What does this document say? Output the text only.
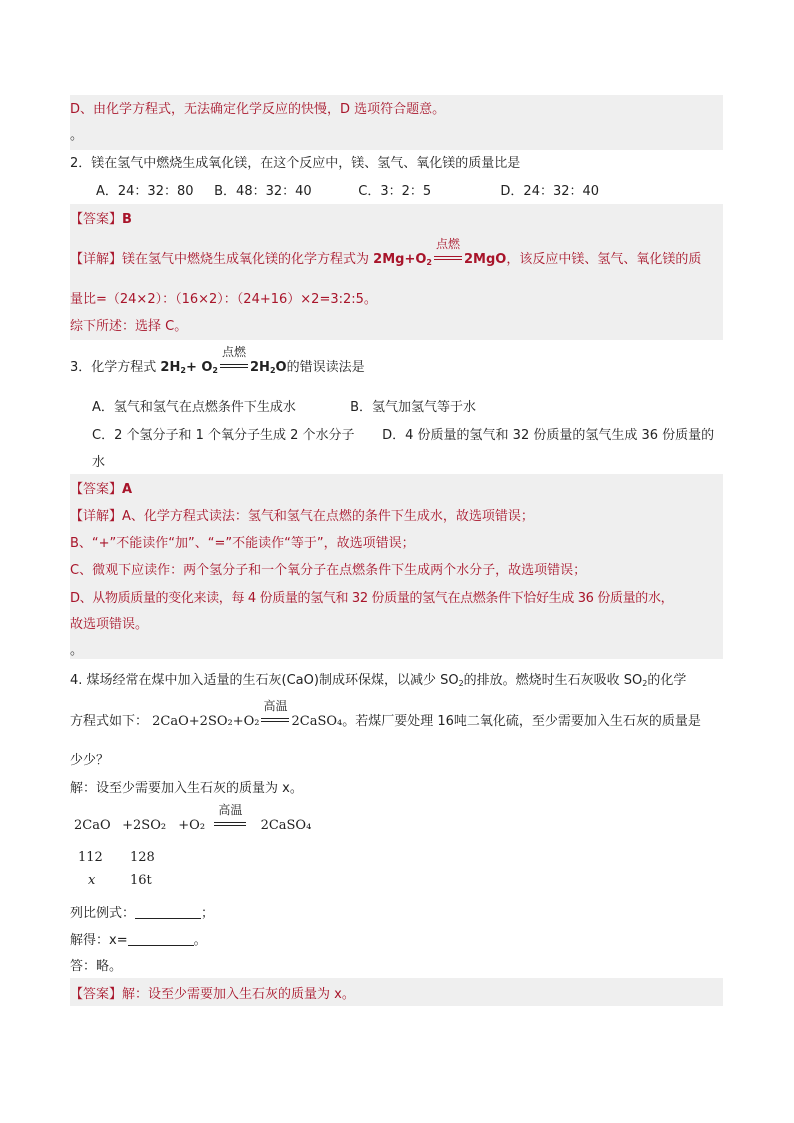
D、由化学方程式，无法确定化学反应的快慢，D 选项符合题意。
。
2．镁在氢气中燃烧生成氧化镁，在这个反应中，镁、氢气、氧化镁的质量比是
A．24：32：80 B．48：32：40	C．3：2：5	D．24：32：40
【答案】B
【详解】镁在氢气中燃烧生成氧化镁的化学方程式为 $2Mg+O_2$
点燃
2MgO，该反应中镁、氢气、氧化镁的质
量比=（24×2）：（16×2）：（24+16）×2=3:2:5。
综下所述：选择 C。
3．化学方程式 $2H_2+ O_2$
点燃
$2H_2O$的错误读法是
A．氢气和氢气在点燃条件下生成水	B．氢气加氢气等于水
C．2 个氢分子和 1 个氧分子生成 2 个水分子 D．4 份质量的氢气和 32 份质量的氢气生成 36 份质量的
水
【答案】A
【详解】A、化学方程式读法：氢气和氢气在点燃的条件下生成水，故选项错误；
B、“+”不能读作“加”、“=”不能读作“等于”，故选项错误；
C、微观下应读作：两个氢分子和一个氧分子在点燃条件下生成两个水分子，故选项错误；
D、从物质质量的变化来读，每 4 份质量的氢气和 32 份质量的氢气在点燃条件下恰好生成 36 份质量的水，
故选项错误。
。
4. 煤场经常在煤中加入适量的生石灰(CaO)制成环保煤，以减少 $SO_2$的排放。燃烧时生石灰吸收 $SO_2$的化学
方程式如下： 2CaO+2SO₂+O₂
高温
2CaSO₄。若煤厂要处理 16吨二氧化硫，至少需要加入生石灰的质量是
少少？
解：设至少需要加入生石灰的质量为 x。
2CaO +2SO₂ +O₂
高温
2CaSO₄
112 128
x	16t
列比例式：	；
解得：x=	。
答：略。
【答案】解：设至少需要加入生石灰的质量为 x。
